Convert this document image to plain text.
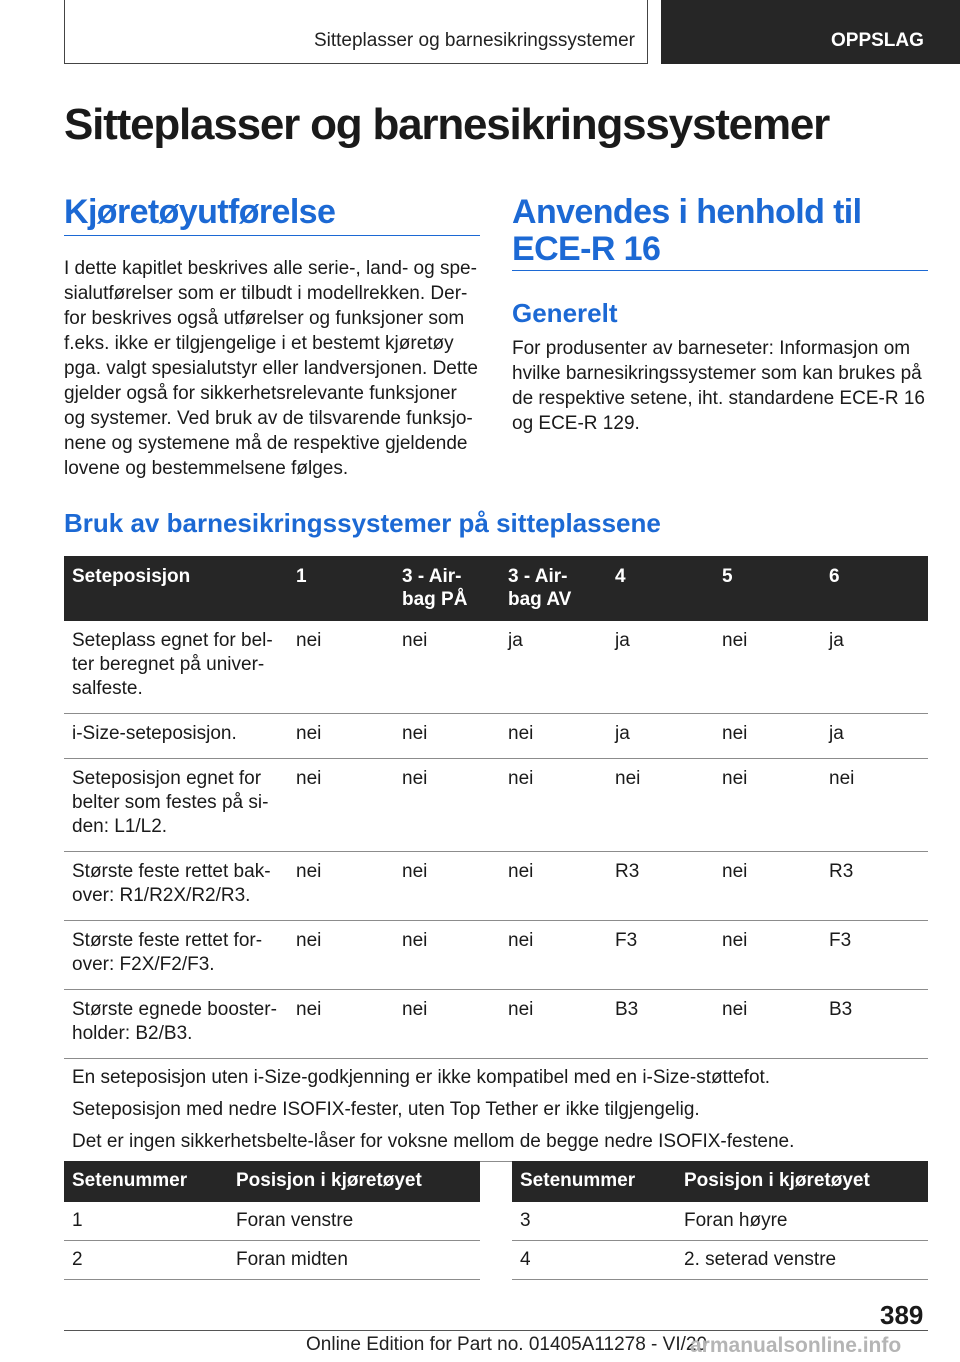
Sitteplasser og barnesikringssystemer	OPPSLAG
Sitteplasser og barnesikringssystemer
Kjøretøyutførelse
I dette kapitlet beskrives alle serie-, land- og spe-
sialutførelser som er tilbudt i modellrekken. Der-
for beskrives også utførelser og funksjoner som
f.eks. ikke er tilgjengelige i et bestemt kjøretøy
pga. valgt spesialutstyr eller landversjonen. Dette
gjelder også for sikkerhetsrelevante funksjoner
og systemer. Ved bruk av de tilsvarende funksjo-
nene og systemene må de respektive gjeldende
lovene og bestemmelsene følges.
Anvendes i henhold til
ECE-R 16
Generelt
For produsenter av barneseter: Informasjon om
hvilke barnesikringssystemer som kan brukes på
de respektive setene, iht. standardene ECE-R 16
og ECE-R 129.
Bruk av barnesikringssystemer på sitteplassene
Seteposisjon	1	3 - Air-bag PÅ	3 - Air-bag AV	4	5	6
Seteplass egnet for bel-ter beregnet på univer-salfeste.	nei	nei	ja	ja	nei	ja
i-Size-seteposisjon.	nei	nei	nei	ja	nei	ja
Seteposisjon egnet for belter som festes på si-den: L1/L2.	nei	nei	nei	nei	nei	nei
Største feste rettet bak-over: R1/R2X/R2/R3.	nei	nei	nei	R3	nei	R3
Største feste rettet for-over: F2X/F2/F3.	nei	nei	nei	F3	nei	F3
Største egnede booster-holder: B2/B3.	nei	nei	nei	B3	nei	B3

En seteposisjon uten i-Size-godkjenning er ikke kompatibel med en i-Size-støttefot.
Seteposisjon med nedre ISOFIX-fester, uten Top Tether er ikke tilgjengelig.
Det er ingen sikkerhetsbelte-låser for voksne mellom de begge nedre ISOFIX-festene.						
Setenummer	Posisjon i kjøretøyet
1	Foran venstre
2	Foran midten
Setenummer	Posisjon i kjøretøyet
3	Foran høyre
4	2. seterad venstre
389
Online Edition for Part no. 01405A11278 - VI/20
armanualsonline.info
